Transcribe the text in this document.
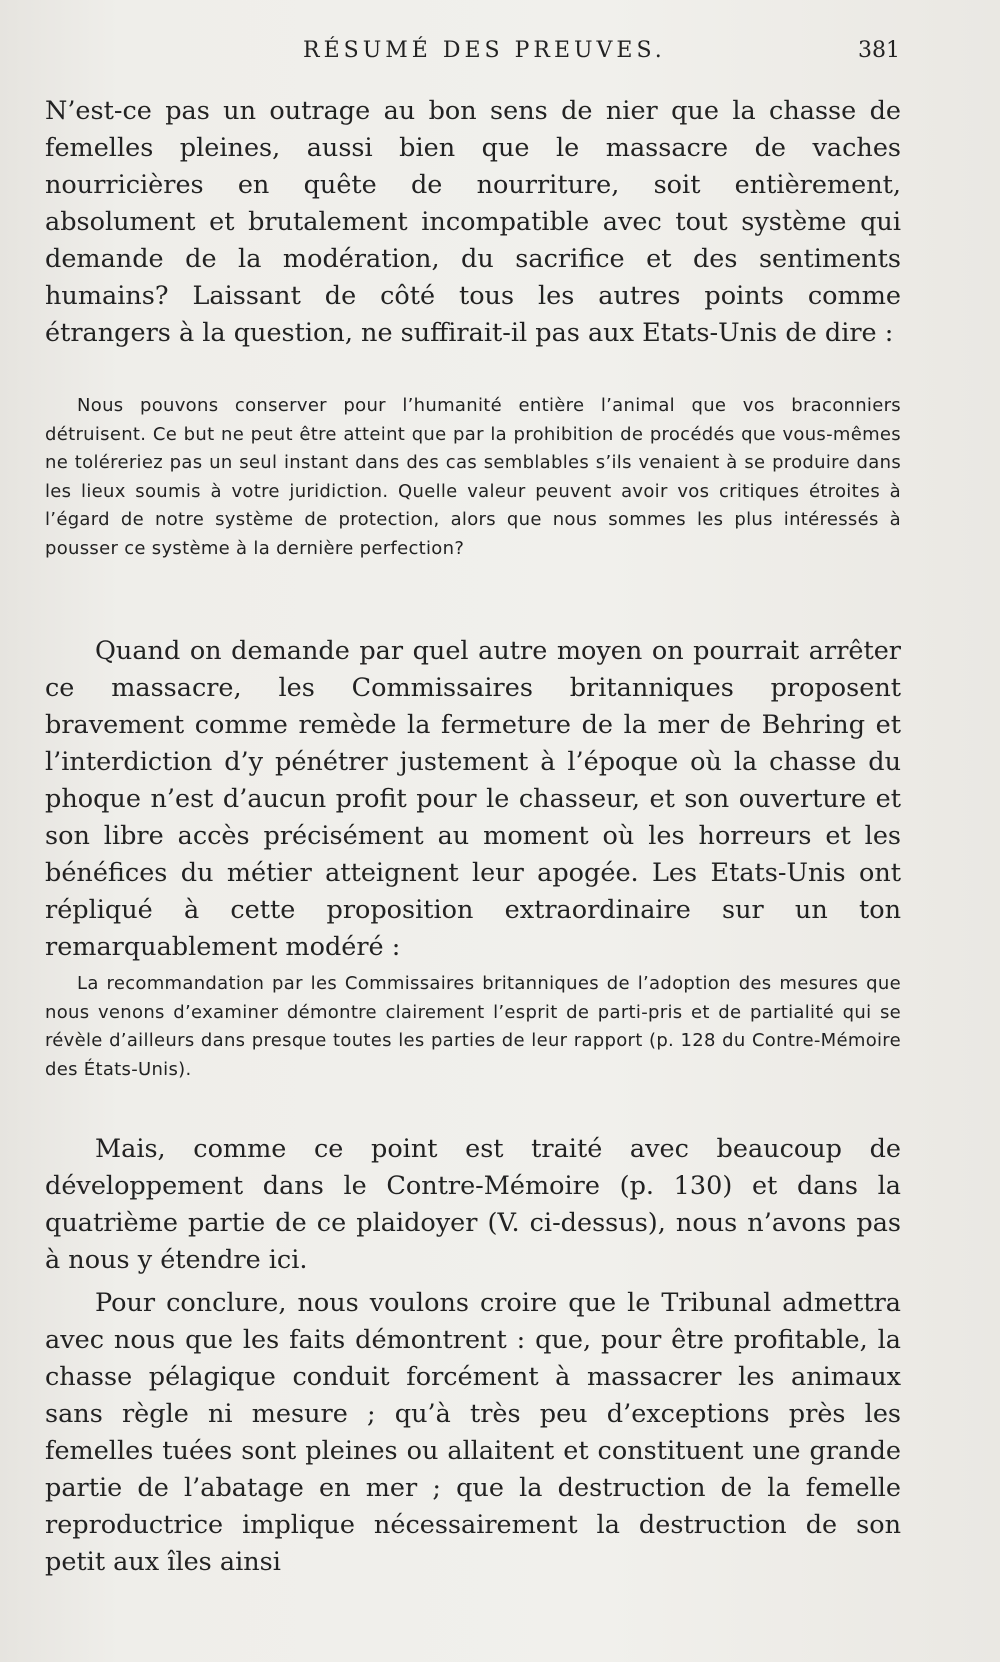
RÉSUMÉ DES PREUVES.	381

N’est-ce pas un outrage au bon sens de nier que la chasse de femelles pleines, aussi bien que le massacre de vaches nourricières en quête de nourriture, soit entièrement, absolument et brutalement incompatible avec tout système qui demande de la modération, du sacrifice et des sentiments humains? Laissant de côté tous les autres points comme étrangers à la question, ne suffirait-il pas aux Etats-Unis de dire :

Nous pouvons conserver pour l’humanité entière l’animal que vos braconniers détruisent. Ce but ne peut être atteint que par la prohibition de procédés que vous-mêmes ne toléreriez pas un seul instant dans des cas semblables s’ils venaient à se produire dans les lieux soumis à votre juridiction. Quelle valeur peuvent avoir vos critiques étroites à l’égard de notre système de protection, alors que nous sommes les plus intéressés à pousser ce système à la dernière perfection?

Quand on demande par quel autre moyen on pourrait arrêter ce massacre, les Commissaires britanniques proposent bravement comme remède la fermeture de la mer de Behring et l’interdiction d’y pénétrer justement à l’époque où la chasse du phoque n’est d’aucun profit pour le chasseur, et son ouverture et son libre accès précisément au moment où les horreurs et les bénéfices du métier atteignent leur apogée. Les Etats-Unis ont répliqué à cette proposition extraordinaire sur un ton remarquablement modéré :

La recommandation par les Commissaires britanniques de l’adoption des mesures que nous venons d’examiner démontre clairement l’esprit de parti-pris et de partialité qui se révèle d’ailleurs dans presque toutes les parties de leur rapport (p. 128 du Contre-Mémoire des États-Unis).

Mais, comme ce point est traité avec beaucoup de développement dans le Contre-Mémoire (p. 130) et dans la quatrième partie de ce plaidoyer (V. ci-dessus), nous n’avons pas à nous y étendre ici.

Pour conclure, nous voulons croire que le Tribunal admettra avec nous que les faits démontrent : que, pour être profitable, la chasse pélagique conduit forcément à massacrer les animaux sans règle ni mesure ; qu’à très peu d’exceptions près les femelles tuées sont pleines ou allaitent et constituent une grande partie de l’abatage en mer ; que la destruction de la femelle reproductrice implique nécessairement la destruction de son petit aux îles ainsi
